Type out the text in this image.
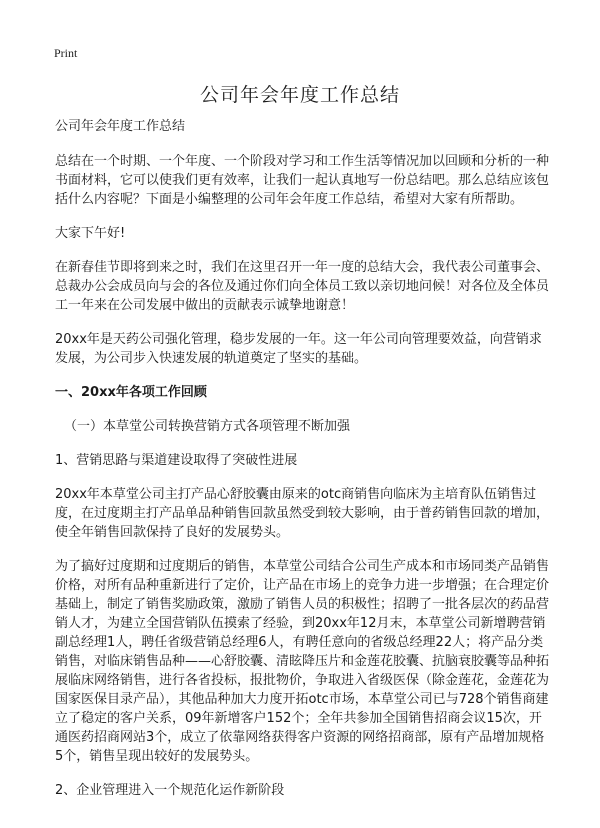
Print
公司年会年度工作总结

公司年会年度工作总结

总结在一个时期、一个年度、一个阶段对学习和工作生活等情况加以回顾和分析的一种书面材料，它可以使我们更有效率，让我们一起认真地写一份总结吧。那么总结应该包括什么内容呢？下面是小编整理的公司年会年度工作总结，希望对大家有所帮助。

大家下午好!

在新春佳节即将到来之时，我们在这里召开一年一度的总结大会，我代表公司董事会、总裁办公会成员向与会的各位及通过你们向全体员工致以亲切地问候！对各位及全体员工一年来在公司发展中做出的贡献表示诚挚地谢意！

20xx年是天药公司强化管理，稳步发展的一年。这一年公司向管理要效益，向营销求发展，为公司步入快速发展的轨道奠定了坚实的基础。

一、20xx年各项工作回顾

（一）本草堂公司转换营销方式各项管理不断加强

1、营销思路与渠道建设取得了突破性进展

20xx年本草堂公司主打产品心舒胶囊由原来的otc商销售向临床为主培育队伍销售过度，在过度期主打产品单品种销售回款虽然受到较大影响，由于普药销售回款的增加，使全年销售回款保持了良好的发展势头。

为了搞好过度期和过度期后的销售，本草堂公司结合公司生产成本和市场同类产品销售价格，对所有品种重新进行了定价，让产品在市场上的竞争力进一步增强；在合理定价基础上，制定了销售奖励政策，激励了销售人员的积极性；招聘了一批各层次的药品营销人才，为建立全国营销队伍摸索了经验，到20xx年12月末，本草堂公司新增聘营销副总经理1人，聘任省级营销总经理6人，有聘任意向的省级总经理22人；将产品分类销售，对临床销售品种——心舒胶囊、清眩降压片和金莲花胶囊、抗脑衰胶囊等品种拓展临床网络销售，进行各省投标，报批物价，争取进入省级医保（除金莲花，金莲花为国家医保目录产品），其他品种加大力度开拓otc市场，本草堂公司已与728个销售商建立了稳定的客户关系，09年新增客户152个；全年共参加全国销售招商会议15次，开通医药招商网站3个，成立了依靠网络获得客户资源的网络招商部，原有产品增加规格5个，销售呈现出较好的发展势头。

2、企业管理进入一个规范化运作新阶段
